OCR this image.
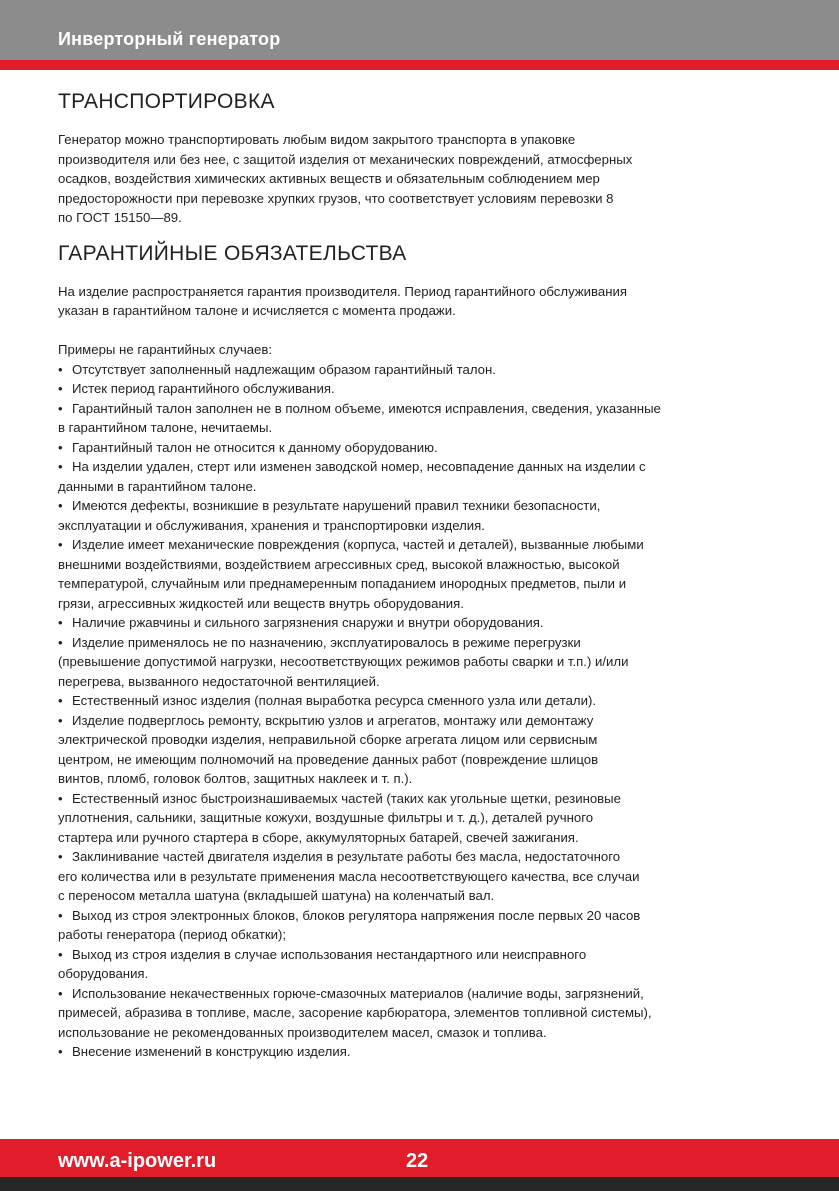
Инверторный генератор
ТРАНСПОРТИРОВКА

Генератор можно транспортировать любым видом закрытого транспорта в упаковке

производителя или без нее, с защитой изделия от механических повреждений, атмосферных

осадков, воздействия химических активных веществ и обязательным соблюдением мер

предосторожности при перевозке хрупких грузов, что соответствует условиям перевозки 8

по ГОСТ 15150—89.

ГАРАНТИЙНЫЕ ОБЯЗАТЕЛЬСТВА

На изделие распространяется гарантия производителя. Период гарантийного обслуживания

указан в гарантийном талоне и исчисляется с момента продажи.

Примеры не гарантийных случаев:

• Отсутствует заполненный надлежащим образом гарантийный талон.
• Истек период гарантийного обслуживания.
• Гарантийный талон заполнен не в полном объеме, имеются исправления, сведения, указанные
в гарантийном талоне, нечитаемы.
• Гарантийный талон не относится к данному оборудованию.
• На изделии удален, стерт или изменен заводской номер, несовпадение данных на изделии с
данными в гарантийном талоне.
• Имеются дефекты, возникшие в результате нарушений правил техники безопасности,
эксплуатации и обслуживания, хранения и транспортировки изделия.
• Изделие имеет механические повреждения (корпуса, частей и деталей), вызванные любыми
внешними воздействиями, воздействием агрессивных сред, высокой влажностью, высокой
температурой, случайным или преднамеренным попаданием инородных предметов, пыли и
грязи, агрессивных жидкостей или веществ внутрь оборудования.
• Наличие ржавчины и сильного загрязнения снаружи и внутри оборудования.
• Изделие применялось не по назначению, эксплуатировалось в режиме перегрузки
(превышение допустимой нагрузки, несоответствующих режимов работы сварки и т.п.) и/или
перегрева, вызванного недостаточной вентиляцией.
• Естественный износ изделия (полная выработка ресурса сменного узла или детали).
• Изделие подверглось ремонту, вскрытию узлов и агрегатов, монтажу или демонтажу
электрической проводки изделия, неправильной сборке агрегата лицом или сервисным
центром, не имеющим полномочий на проведение данных работ (повреждение шлицов
винтов, пломб, головок болтов, защитных наклеек и т. п.).
• Естественный износ быстроизнашиваемых частей (таких как угольные щетки, резиновые
уплотнения, сальники, защитные кожухи, воздушные фильтры и т. д.), деталей ручного
стартера или ручного стартера в сборе, аккумуляторных батарей, свечей зажигания.
• Заклинивание частей двигателя изделия в результате работы без масла, недостаточного
его количества или в результате применения масла несоответствующего качества, все случаи
с переносом металла шатуна (вкладышей шатуна) на коленчатый вал.
• Выход из строя электронных блоков, блоков регулятора напряжения после первых 20 часов
работы генератора (период обкатки);
• Выход из строя изделия в случае использования нестандартного или неисправного
оборудования.
• Использование некачественных горюче-смазочных материалов (наличие воды, загрязнений,
примесей, абразива в топливе, масле, засорение карбюратора, элементов топливной системы),
использование не рекомендованных производителем масел, смазок и топлива.
• Внесение изменений в конструкцию изделия.
www.a-ipower.ru	22
